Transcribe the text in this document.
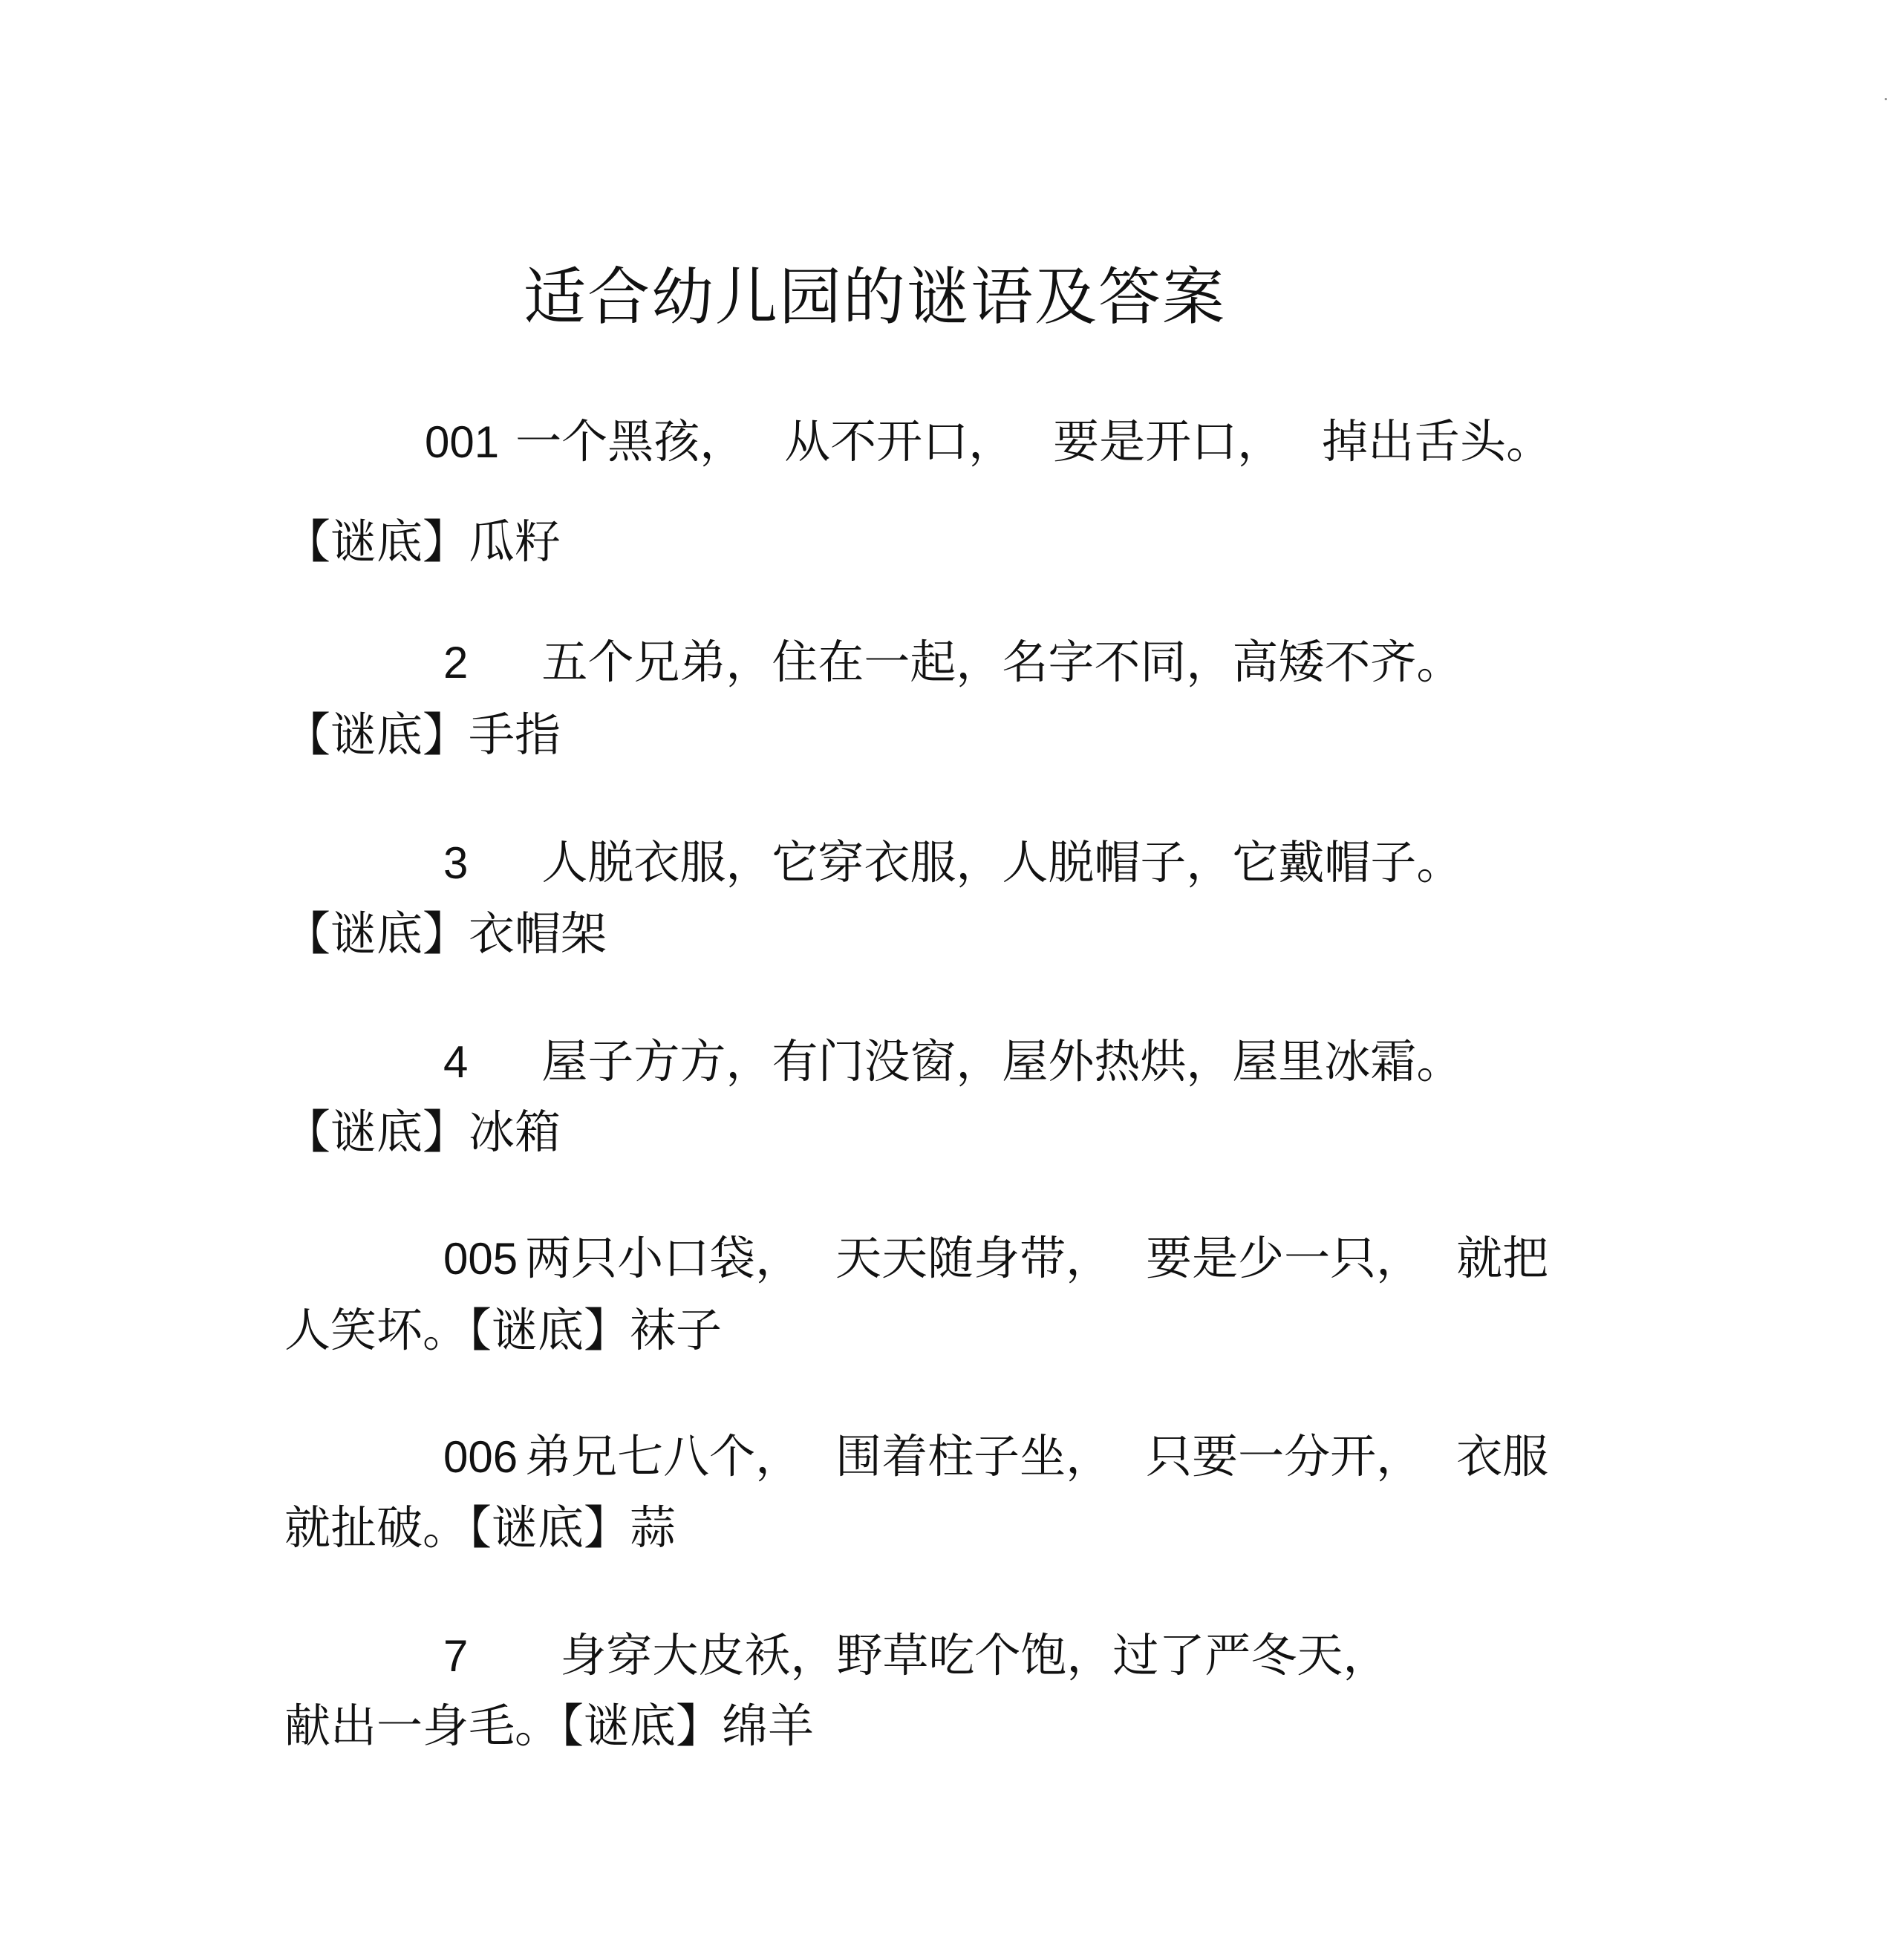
适合幼儿园的谜语及答案
001 一个黑孩， 从不开口， 要是开口， 掉出舌头。
【谜底】瓜籽
2 五个兄弟，住在一起，名字不同，高矮不齐。
【谜底】手指
3 人脱衣服，它穿衣服，人脱帽子，它戴帽子。
【谜底】衣帽架
4 屋子方方，有门没窗，屋外热烘，屋里冰霜。
【谜底】冰箱
005 两只小口袋， 天天随身带， 要是少一只， 就把
人笑坏。【谜底】袜子
006 弟兄七八个， 围着柱子坐， 只要一分开， 衣服
就扯破。【谜底】蒜
7 身穿大皮袄，野草吃个饱，过了严冬天，
献出一身毛。【谜底】绵羊
